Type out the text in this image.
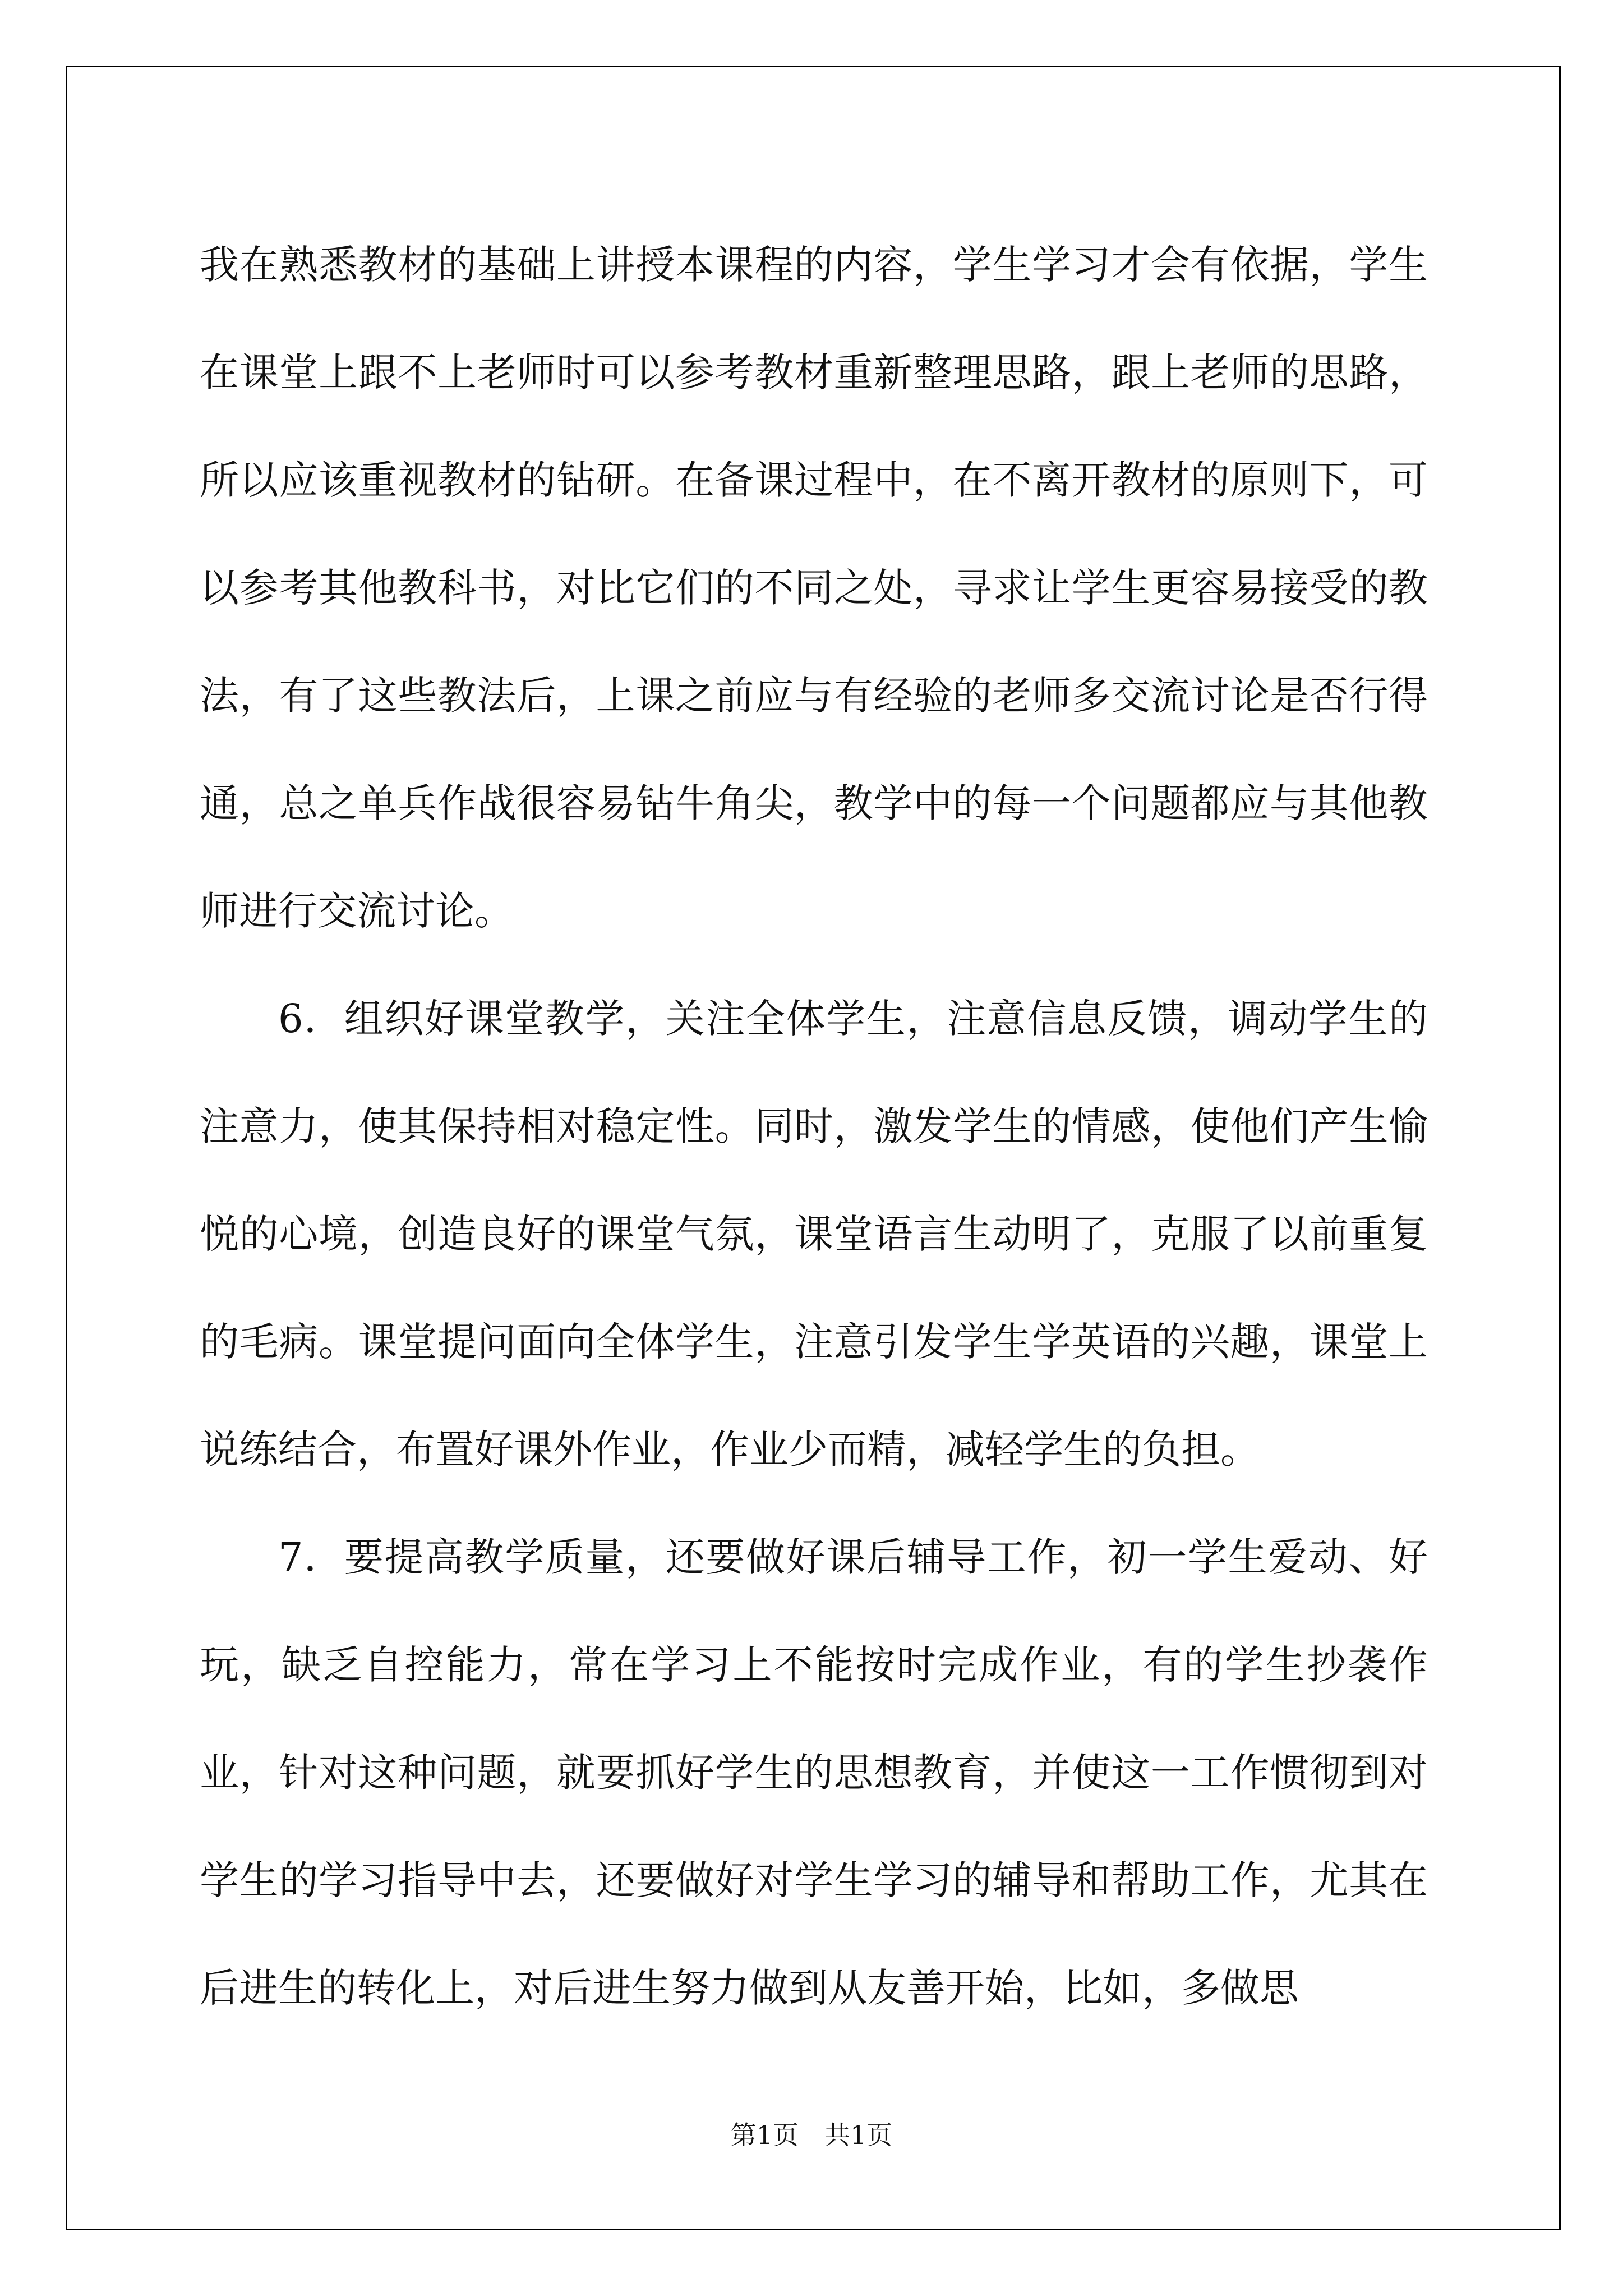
我在熟悉教材的基础上讲授本课程的内容，学生学习才会有依据，学生在课堂上跟不上老师时可以参考教材重新整理思路，跟上老师的思路，所以应该重视教材的钻研。在备课过程中，在不离开教材的原则下，可以参考其他教科书，对比它们的不同之处，寻求让学生更容易接受的教法，有了这些教法后，上课之前应与有经验的老师多交流讨论是否行得通，总之单兵作战很容易钻牛角尖，教学中的每一个问题都应与其他教师进行交流讨论。

6．组织好课堂教学，关注全体学生，注意信息反馈，调动学生的注意力，使其保持相对稳定性。同时，激发学生的情感，使他们产生愉悦的心境，创造良好的课堂气氛，课堂语言生动明了，克服了以前重复的毛病。课堂提问面向全体学生，注意引发学生学英语的兴趣，课堂上说练结合，布置好课外作业，作业少而精，减轻学生的负担。

7．要提高教学质量，还要做好课后辅导工作，初一学生爱动、好玩，缺乏自控能力，常在学习上不能按时完成作业，有的学生抄袭作业，针对这种问题，就要抓好学生的思想教育，并使这一工作惯彻到对学生的学习指导中去，还要做好对学生学习的辅导和帮助工作，尤其在后进生的转化上，对后进生努力做到从友善开始，比如，多做思

第1页　共1页
